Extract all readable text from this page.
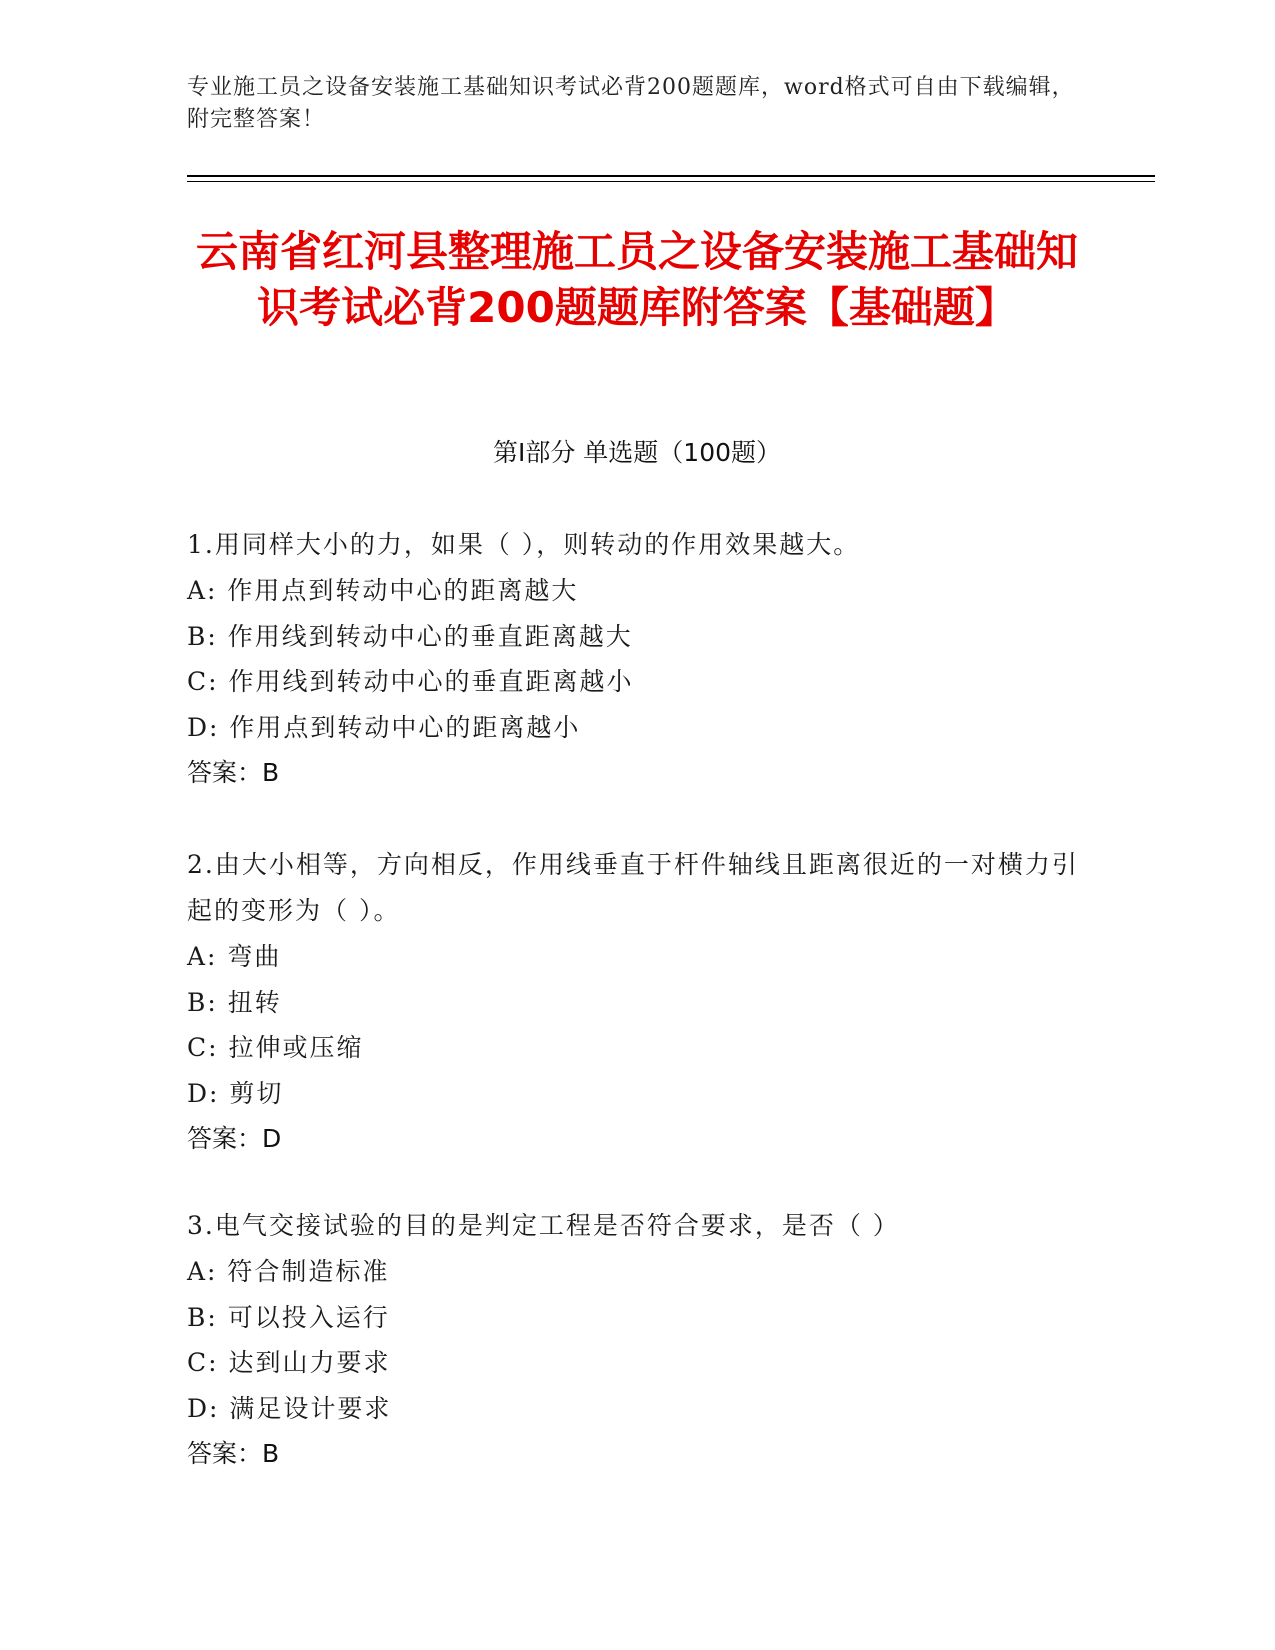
专业施工员之设备安装施工基础知识考试必背200题题库，word格式可自由下载编辑，附完整答案！
云南省红河县整理施工员之设备安装施工基础知识考试必背200题题库附答案【基础题】
第I部分 单选题（100题）
1.用同样大小的力，如果（ ），则转动的作用效果越大。
A: 作用点到转动中心的距离越大
B: 作用线到转动中心的垂直距离越大
C: 作用线到转动中心的垂直距离越小
D: 作用点到转动中心的距离越小
答案：B
2.由大小相等，方向相反，作用线垂直于杆件轴线且距离很近的一对横力引起的变形为（ ）。
A: 弯曲
B: 扭转
C: 拉伸或压缩
D: 剪切
答案：D
3.电气交接试验的目的是判定工程是否符合要求，是否（ ）
A: 符合制造标准
B: 可以投入运行
C: 达到山力要求
D: 满足设计要求
答案：B
